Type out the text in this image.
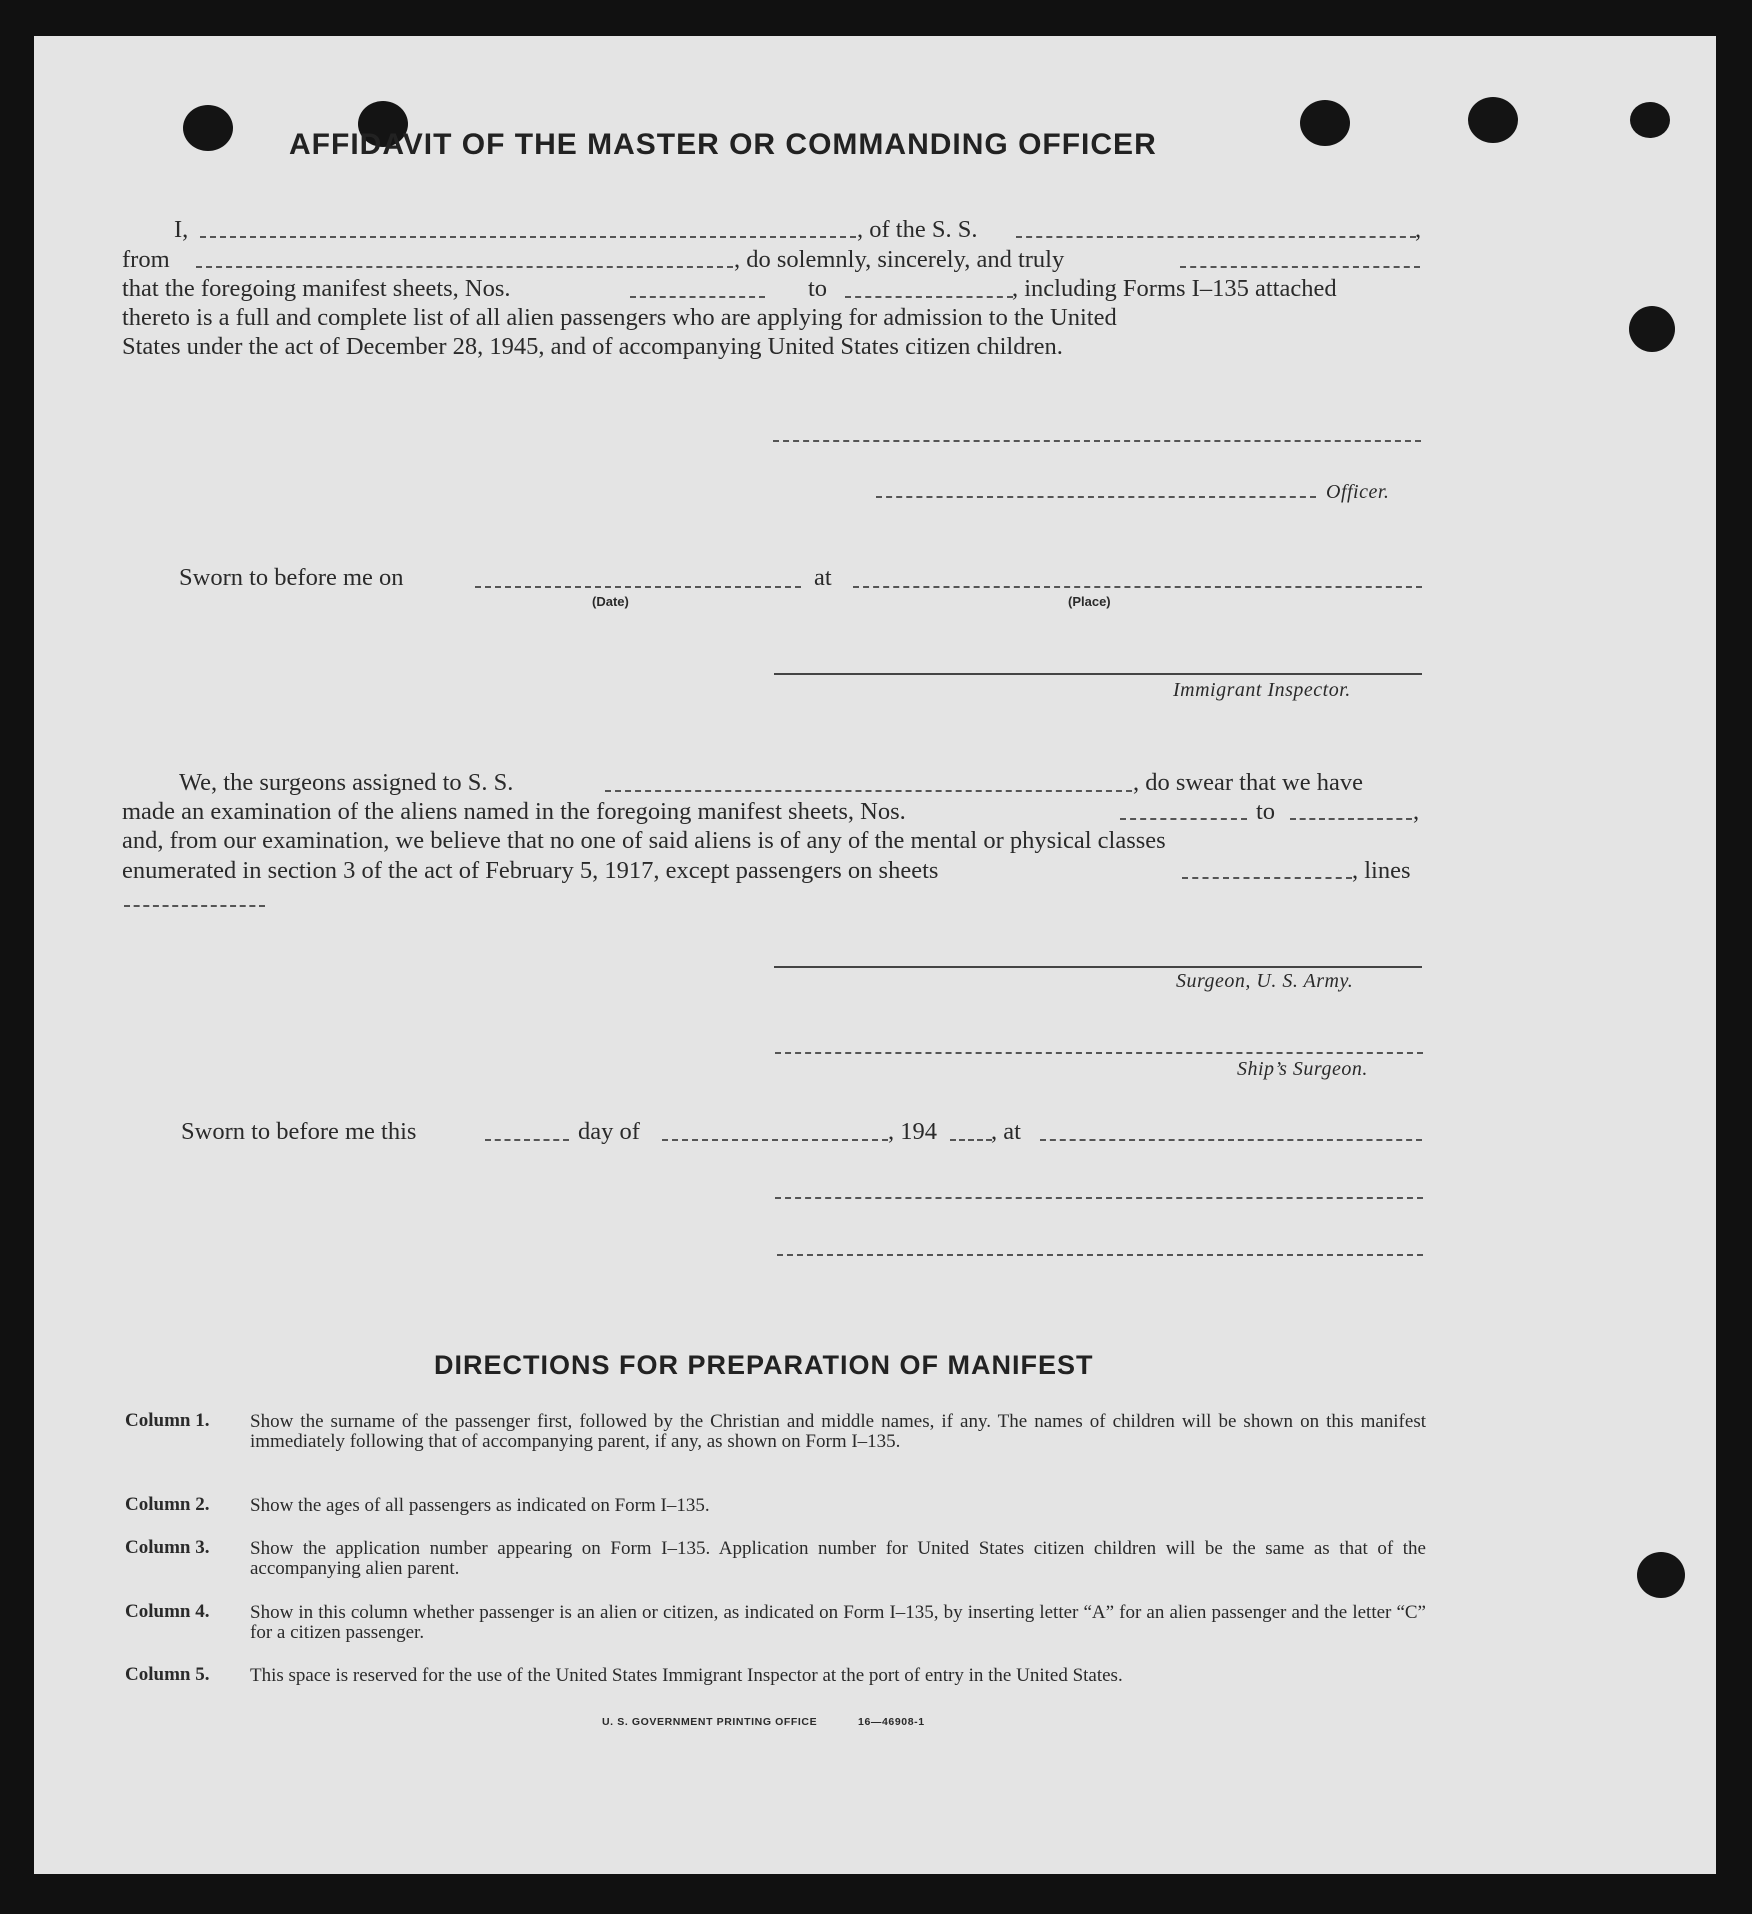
AFFIDAVIT OF THE MASTER OR COMMANDING OFFICER
I,	, of the S. S.	,
from	, do solemnly, sincerely, and truly
that the foregoing manifest sheets, Nos.	to	, including Forms I–135 attached
thereto is a full and complete list of all alien passengers who are applying for admission to the United
States under the act of December 28, 1945, and of accompanying United States citizen children.
Officer.
Sworn to before me on	at
(Date)	(Place)
Immigrant Inspector.
We, the surgeons assigned to S. S.	, do swear that we have
made an examination of the aliens named in the foregoing manifest sheets, Nos.	to	,
and, from our examination, we believe that no one of said aliens is of any of the mental or physical classes
enumerated in section 3 of the act of February 5, 1917, except passengers on sheets	, lines
Surgeon, U. S. Army.
Ship’s Surgeon.
Sworn to before me this	day of	, 194 , at
DIRECTIONS FOR PREPARATION OF MANIFEST
Column 1. Show the surname of the passenger first, followed by the Christian and middle names, if any. The names of children will be shown on this manifest immediately following that of accompanying parent, if any, as shown on Form I–135.
Column 2. Show the ages of all passengers as indicated on Form I–135.
Column 3. Show the application number appearing on Form I–135. Application number for United States citizen children will be the same as that of the accompanying alien parent.
Column 4. Show in this column whether passenger is an alien or citizen, as indicated on Form I–135, by inserting letter “A” for an alien passenger and the letter “C” for a citizen passenger.
Column 5. This space is reserved for the use of the United States Immigrant Inspector at the port of entry in the United States.
U. S. GOVERNMENT PRINTING OFFICE	16—46908-1
